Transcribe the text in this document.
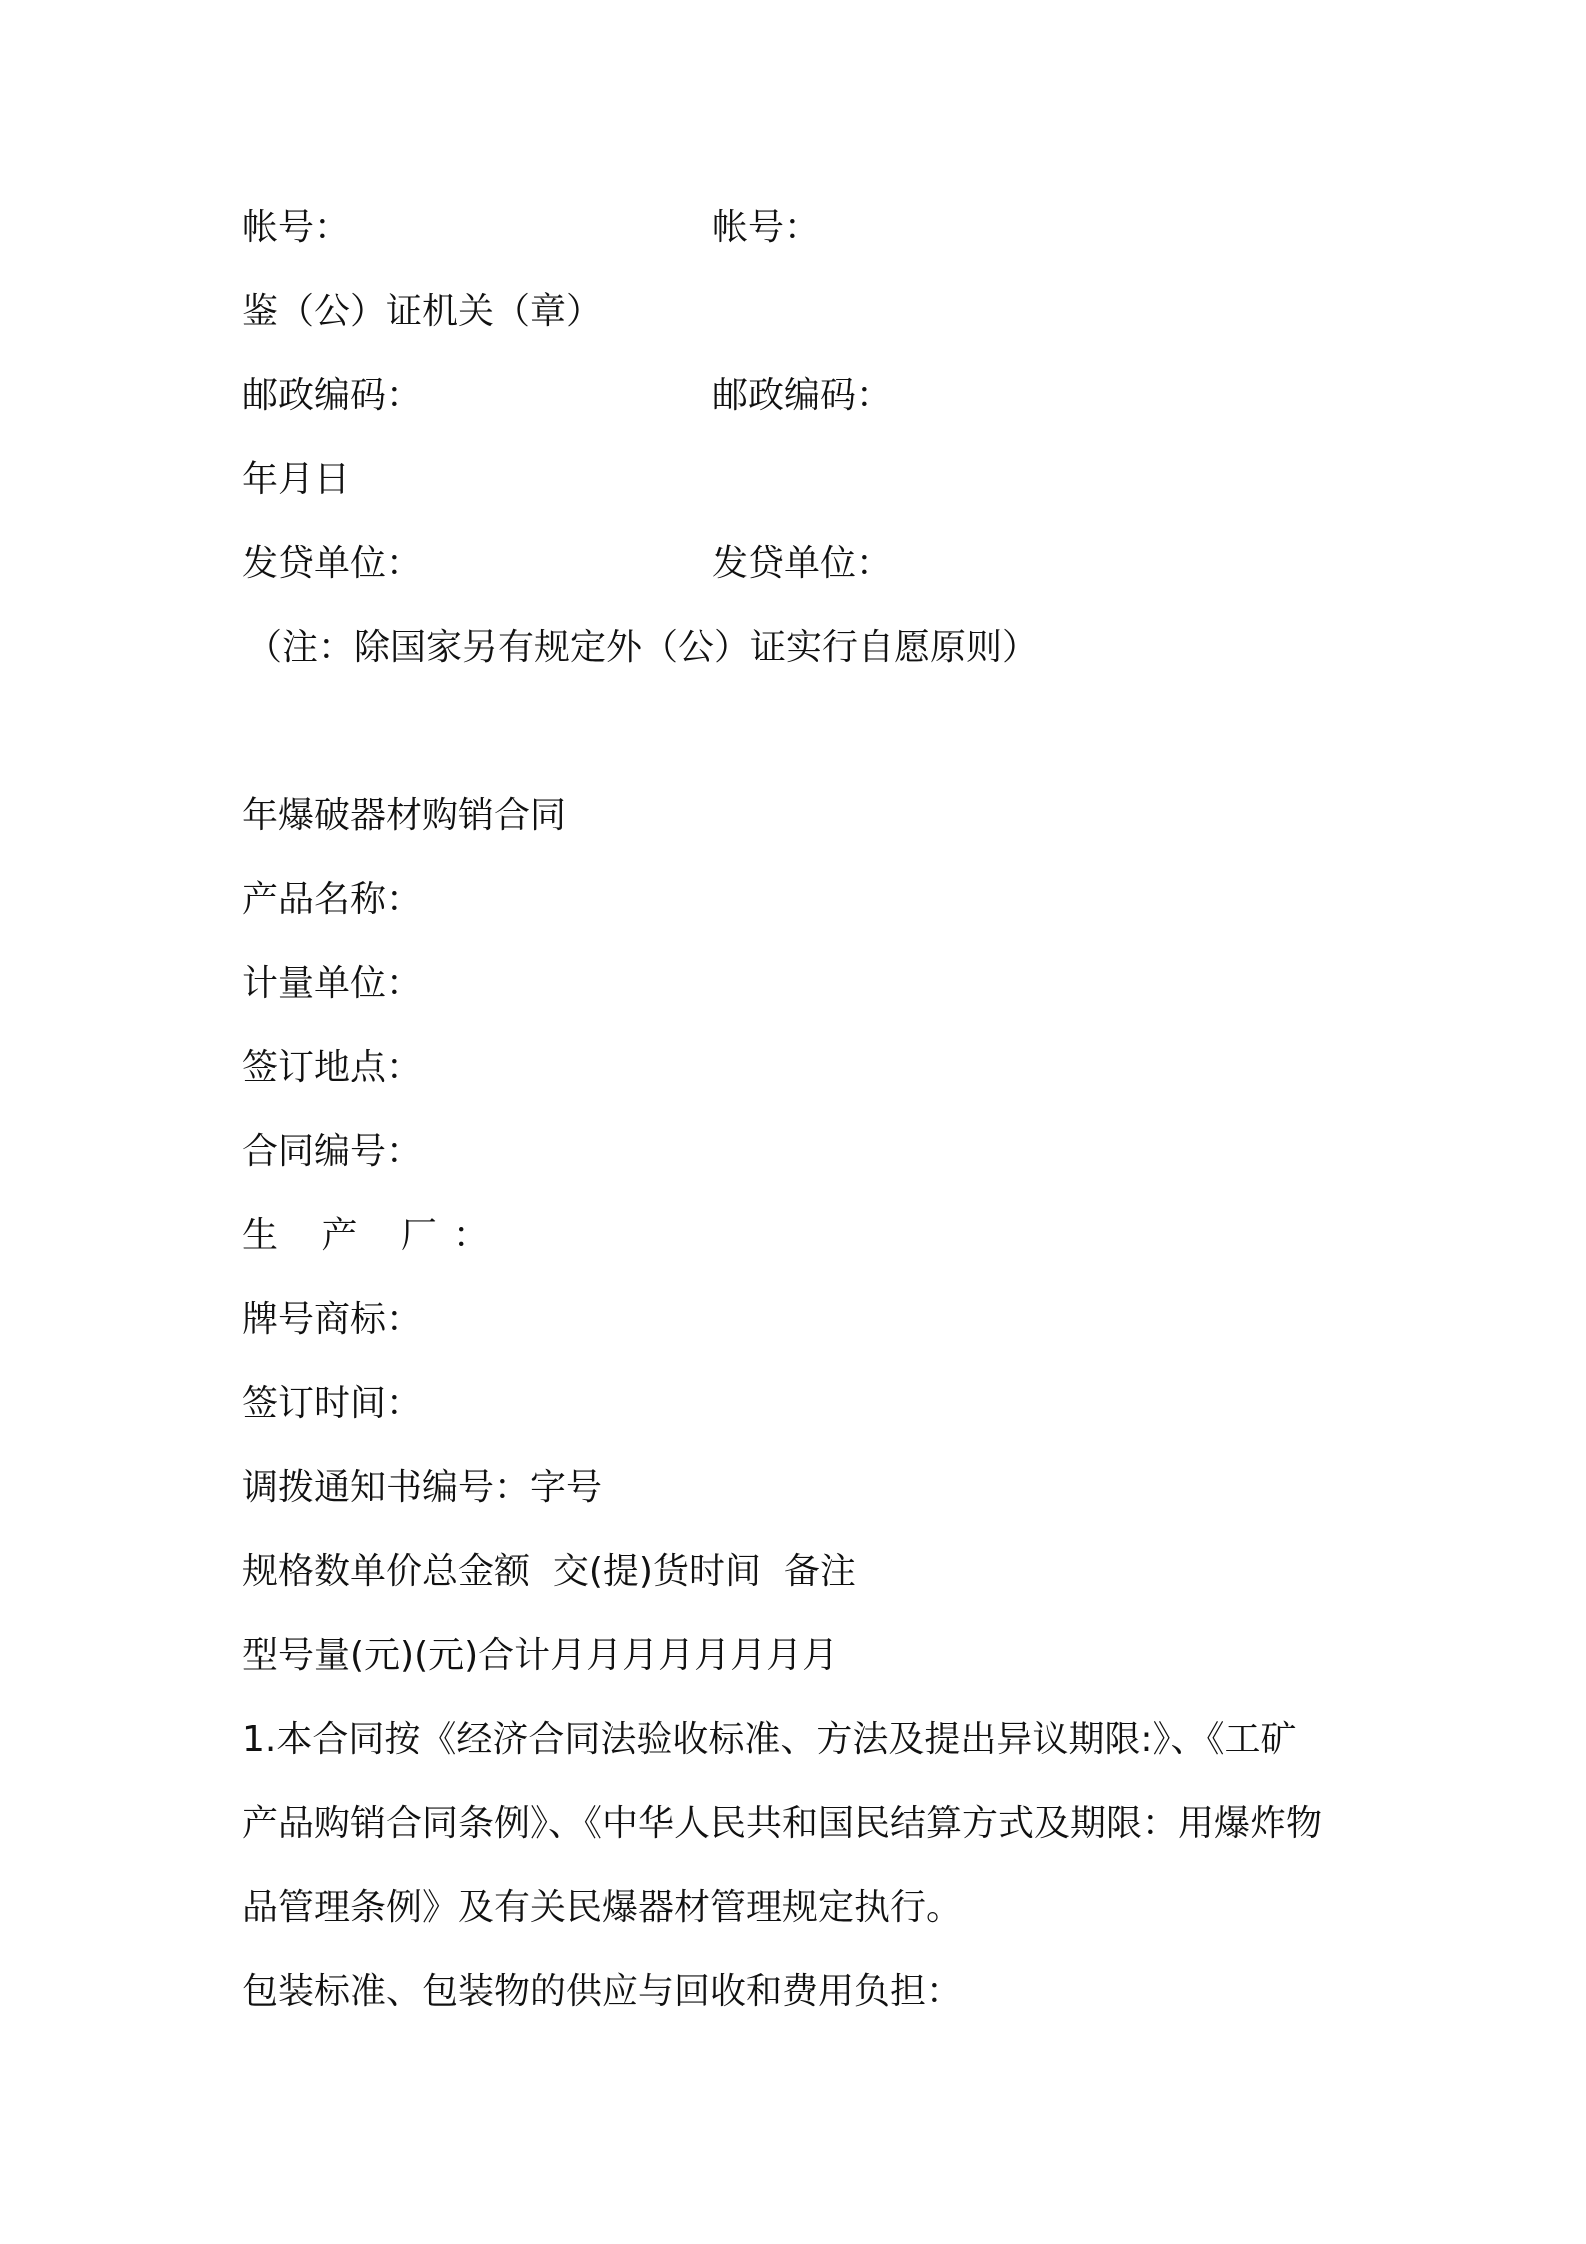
帐号：	帐号：
鉴（公）证机关（章）
邮政编码：	邮政编码：
年月日
发贷单位：	发贷单位：
（注：除国家另有规定外（公）证实行自愿原则）
年爆破器材购销合同
产品名称：
计量单位：
签订地点：
合同编号：
生 产 厂：
牌号商标：
签订时间：
调拨通知书编号：字号
规格数单价总金额  交(提)货时间  备注
型号量(元)(元)合计月月月月月月月月
1.本合同按《经济合同法验收标准、方法及提出异议期限:》、《工矿
产品购销合同条例》、《中华人民共和国民结算方式及期限：用爆炸物
品管理条例》及有关民爆器材管理规定执行。
包装标准、包装物的供应与回收和费用负担：
